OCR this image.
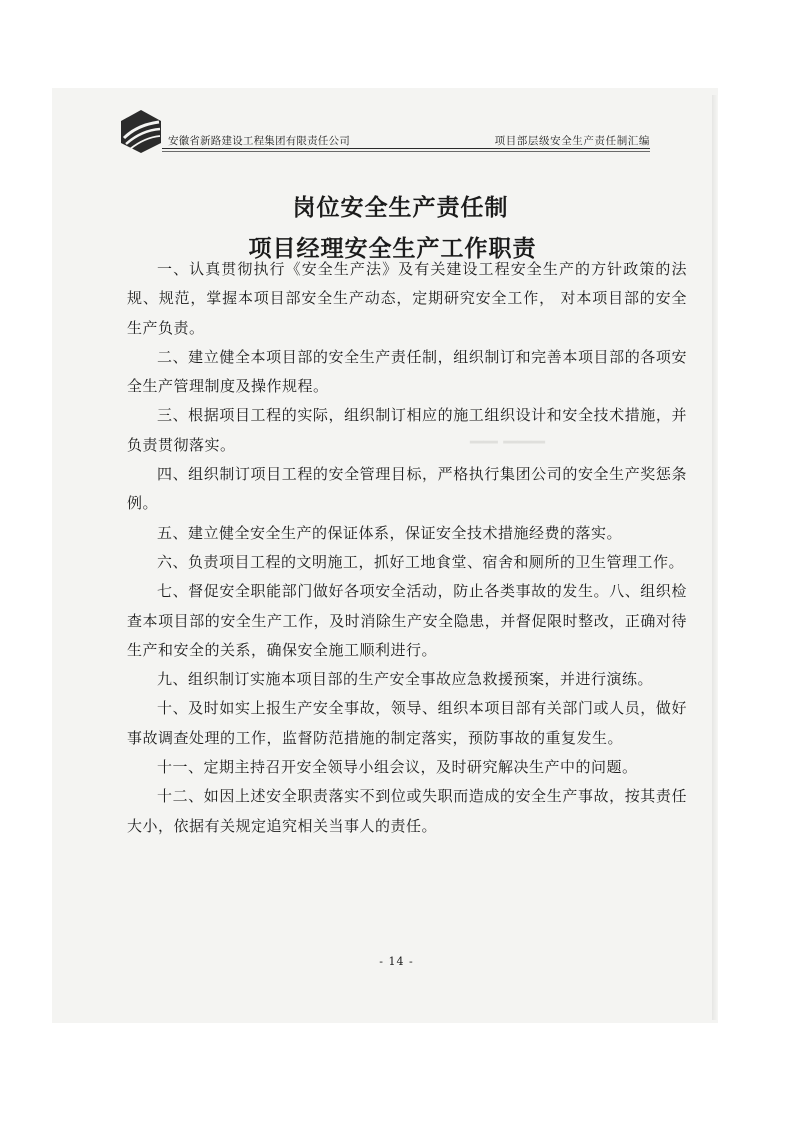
▁▁ ▁▁▁
安徽省新路建设工程集团有限责任公司	项目部层级安全生产责任制汇编
岗位安全生产责任制
项目经理安全生产工作职责

一、认真贯彻执行《安全生产法》及有关建设工程安全生产的方针政策的法规、规范，掌握本项目部安全生产动态，定期研究安全工作， 对本项目部的安全生产负责。

二、建立健全本项目部的安全生产责任制，组织制订和完善本项目部的各项安全生产管理制度及操作规程。

三、根据项目工程的实际，组织制订相应的施工组织设计和安全技术措施，并负责贯彻落实。

四、组织制订项目工程的安全管理目标，严格执行集团公司的安全生产奖惩条例。

五、建立健全安全生产的保证体系，保证安全技术措施经费的落实。

六、负责项目工程的文明施工，抓好工地食堂、宿舍和厕所的卫生管理工作。

七、督促安全职能部门做好各项安全活动，防止各类事故的发生。八、组织检查本项目部的安全生产工作，及时消除生产安全隐患，并督促限时整改，正确对待生产和安全的关系，确保安全施工顺利进行。

九、组织制订实施本项目部的生产安全事故应急救援预案，并进行演练。

十、及时如实上报生产安全事故，领导、组织本项目部有关部门或人员，做好事故调查处理的工作，监督防范措施的制定落实，预防事故的重复发生。

十一、定期主持召开安全领导小组会议，及时研究解决生产中的问题。

十二、如因上述安全职责落实不到位或失职而造成的安全生产事故，按其责任大小，依据有关规定追究相关当事人的责任。

- 14 -
